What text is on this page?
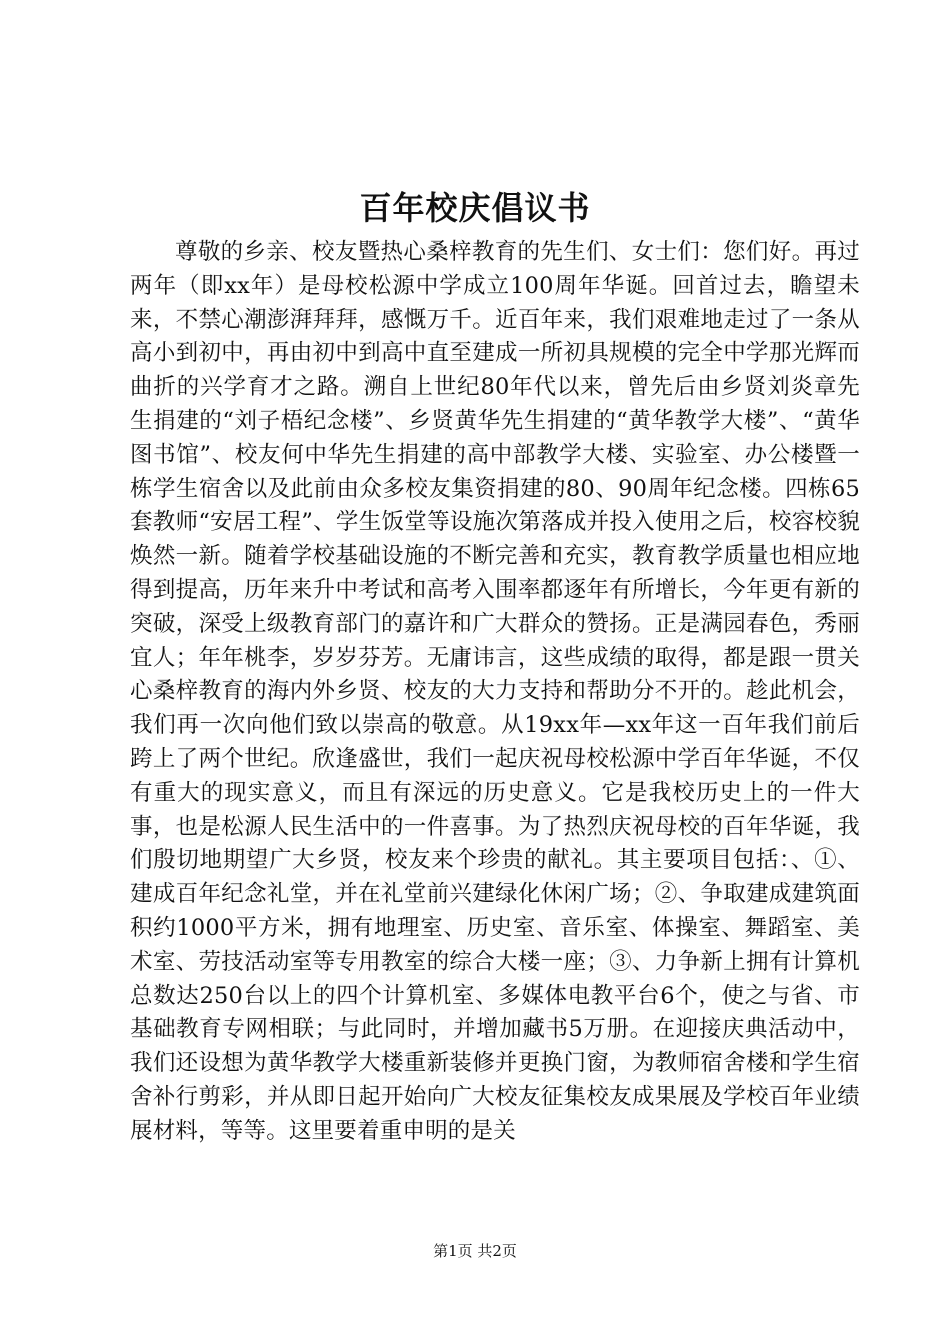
百年校庆倡议书

尊敬的乡亲、校友暨热心桑梓教育的先生们、女士们：您们好。再过两年（即xx年）是母校松源中学成立100周年华诞。回首过去，瞻望未来，不禁心潮澎湃拜拜，感慨万千。近百年来，我们艰难地走过了一条从高小到初中，再由初中到高中直至建成一所初具规模的完全中学那光辉而曲折的兴学育才之路。溯自上世纪80年代以来，曾先后由乡贤刘炎章先生捐建的“刘子梧纪念楼”、乡贤黄华先生捐建的“黄华教学大楼”、“黄华图书馆”、校友何中华先生捐建的高中部教学大楼、实验室、办公楼暨一栋学生宿舍以及此前由众多校友集资捐建的80、90周年纪念楼。四栋65套教师“安居工程”、学生饭堂等设施次第落成并投入使用之后，校容校貌焕然一新。随着学校基础设施的不断完善和充实，教育教学质量也相应地得到提高，历年来升中考试和高考入围率都逐年有所增长，今年更有新的突破，深受上级教育部门的嘉许和广大群众的赞扬。正是满园春色，秀丽宜人；年年桃李，岁岁芬芳。无庸讳言，这些成绩的取得，都是跟一贯关心桑梓教育的海内外乡贤、校友的大力支持和帮助分不开的。趁此机会，我们再一次向他们致以崇高的敬意。从19xx年—xx年这一百年我们前后跨上了两个世纪。欣逢盛世，我们一起庆祝母校松源中学百年华诞，不仅有重大的现实意义，而且有深远的历史意义。它是我校历史上的一件大事，也是松源人民生活中的一件喜事。为了热烈庆祝母校的百年华诞，我们殷切地期望广大乡贤，校友来个珍贵的献礼。其主要项目包括：、①、建成百年纪念礼堂，并在礼堂前兴建绿化休闲广场；②、争取建成建筑面积约1000平方米，拥有地理室、历史室、音乐室、体操室、舞蹈室、美术室、劳技活动室等专用教室的综合大楼一座；③、力争新上拥有计算机总数达250台以上的四个计算机室、多媒体电教平台6个，使之与省、市基础教育专网相联；与此同时，并增加藏书5万册。在迎接庆典活动中，我们还设想为黄华教学大楼重新装修并更换门窗，为教师宿舍楼和学生宿舍补行剪彩，并从即日起开始向广大校友征集校友成果展及学校百年业绩展材料，等等。这里要着重申明的是关

第1页 共2页
